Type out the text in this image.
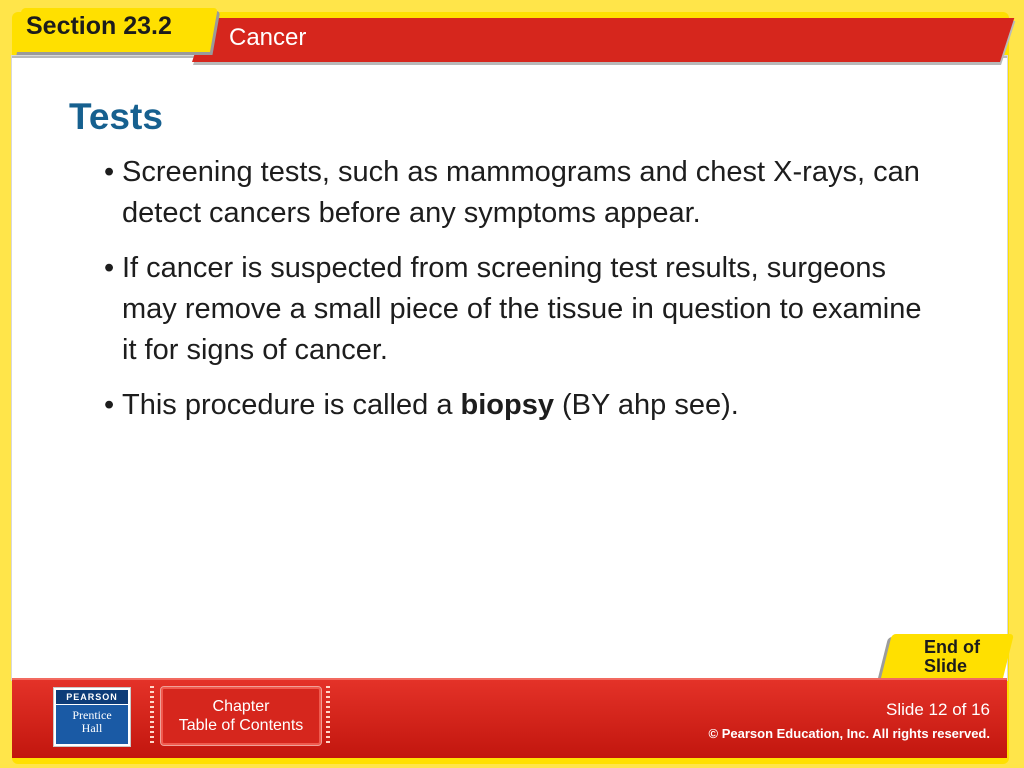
Section 23.2 Cancer
Tests
• Screening tests, such as mammograms and chest X-rays, can detect cancers before any symptoms appear.
• If cancer is suspected from screening test results, surgeons may remove a small piece of the tissue in question to examine it for signs of cancer.
• This procedure is called a biopsy (BY ahp see).
End of
Slide
PEARSON
Prentice
Hall
Chapter
Table of Contents
Slide 12 of 16
© Pearson Education, Inc. All rights reserved.
